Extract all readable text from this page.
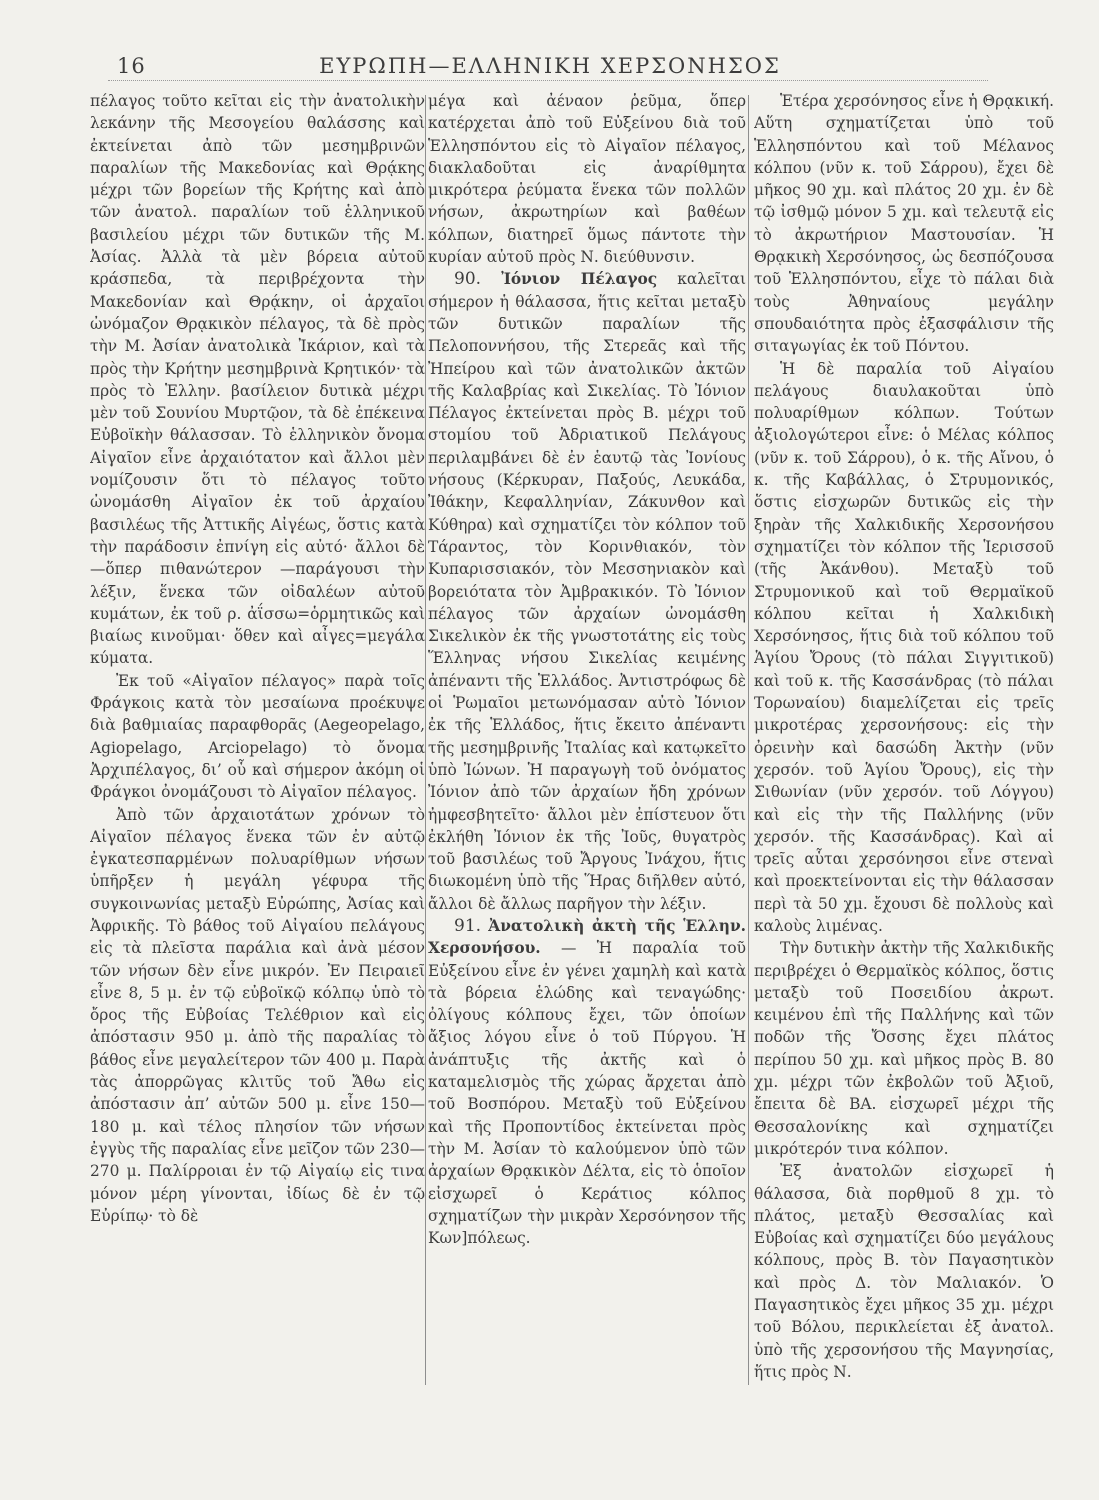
16	ΕΥΡΩΠΗ—ΕΛΛΗΝΙΚΗ ΧΕΡΣΟΝΗΣΟΣ

πέλαγος τοῦτο κεῖται εἰς τὴν ἀνατολικὴν λεκάνην τῆς Μεσογείου θαλάσσης καὶ ἐκτείνεται ἀπὸ τῶν μεσημβρινῶν παραλίων τῆς Μακεδονίας καὶ Θρᾴκης μέχρι τῶν βορείων τῆς Κρήτης καὶ ἀπὸ τῶν ἀνατολ. παραλίων τοῦ ἑλληνικοῦ βασιλείου μέχρι τῶν δυτικῶν τῆς Μ. Ἀσίας. Ἀλλὰ τὰ μὲν βόρεια αὐτοῦ κράσπεδα, τὰ περιβρέχοντα τὴν Μακεδονίαν καὶ Θρᾴκην, οἱ ἀρχαῖοι ὠνόμαζον Θρᾳκικὸν πέλαγος, τὰ δὲ πρὸς τὴν Μ. Ἀσίαν ἀνατολικὰ Ἰκάριον, καὶ τὰ πρὸς τὴν Κρήτην μεσημβρινὰ Κρητικόν· τὰ πρὸς τὸ Ἑλλην. βασίλειον δυτικὰ μέχρι μὲν τοῦ Σουνίου Μυρτῷον, τὰ δὲ ἐπέκεινα Εὐβοϊκὴν θάλασσαν. Τὸ ἑλληνικὸν ὄνομα Αἰγαῖον εἶνε ἀρχαιότατον καὶ ἄλλοι μὲν νομίζουσιν ὅτι τὸ πέλαγος τοῦτο ὠνομάσθη Αἰγαῖον ἐκ τοῦ ἀρχαίου βασιλέως τῆς Ἀττικῆς Αἰγέως, ὅστις κατὰ τὴν παράδοσιν ἐπνίγη εἰς αὐτό· ἄλλοι δὲ —ὅπερ πιθανώτερον —παράγουσι τὴν λέξιν, ἕνεκα τῶν οἰδαλέων αὐτοῦ κυμάτων, ἐκ τοῦ ρ. ἀΐσσω=ὁρμητικῶς καὶ βιαίως κινοῦμαι· ὅθεν καὶ αἶγες=μεγάλα κύματα.

Ἐκ τοῦ «Αἰγαῖον πέλαγος» παρὰ τοῖς Φράγκοις κατὰ τὸν μεσαίωνα προέκυψε διὰ βαθμιαίας παραφθορᾶς (Aegeopelago, Agiopelago, Arciopelago) τὸ ὄνομα Ἀρχιπέλαγος, δι’ οὗ καὶ σήμερον ἀκόμη οἱ Φράγκοι ὀνομάζουσι τὸ Αἰγαῖον πέλαγος.

Ἀπὸ τῶν ἀρχαιοτάτων χρόνων τὸ Αἰγαῖον πέλαγος ἕνεκα τῶν ἐν αὐτῷ ἐγκατεσπαρμένων πολυαρίθμων νήσων ὑπῆρξεν ἡ μεγάλη γέφυρα τῆς συγκοινωνίας μεταξὺ Εὐρώπης, Ἀσίας καὶ Ἀφρικῆς. Τὸ βάθος τοῦ Αἰγαίου πελάγους εἰς τὰ πλεῖστα παράλια καὶ ἀνὰ μέσον τῶν νήσων δὲν εἶνε μικρόν. Ἐν Πειραιεῖ εἶνε 8, 5 μ. ἐν τῷ εὐβοϊκῷ κόλπῳ ὑπὸ τὸ ὄρος τῆς Εὐβοίας Τελέθριον καὶ εἰς ἀπόστασιν 950 μ. ἀπὸ τῆς παραλίας τὸ βάθος εἶνε μεγαλείτερον τῶν 400 μ. Παρὰ τὰς ἀπορρῶγας κλιτῦς τοῦ Ἄθω εἰς ἀπόστασιν ἀπ’ αὐτῶν 500 μ. εἶνε 150—180 μ. καὶ τέλος πλησίον τῶν νήσων ἐγγὺς τῆς παραλίας εἶνε μεῖζον τῶν 230—270 μ. Παλίρροιαι ἐν τῷ Αἰγαίῳ εἰς τινα μόνον μέρη γίνονται, ἰδίως δὲ ἐν τῷ Εὐρίπῳ· τὸ δὲ

μέγα καὶ ἀέναον ῥεῦμα, ὅπερ κατέρχεται ἀπὸ τοῦ Εὐξείνου διὰ τοῦ Ἑλλησπόντου εἰς τὸ Αἰγαῖον πέλαγος, διακλαδοῦται εἰς ἀναρίθμητα μικρότερα ῥεύματα ἕνεκα τῶν πολλῶν νήσων, ἀκρωτηρίων καὶ βαθέων κόλπων, διατηρεῖ ὅμως πάντοτε τὴν κυρίαν αὐτοῦ πρὸς Ν. διεύθυνσιν.

90. Ἰόνιον Πέλαγος καλεῖται σήμερον ἡ θάλασσα, ἥτις κεῖται μεταξὺ τῶν δυτικῶν παραλίων τῆς Πελοποννήσου, τῆς Στερεᾶς καὶ τῆς Ἠπείρου καὶ τῶν ἀνατολικῶν ἀκτῶν τῆς Καλαβρίας καὶ Σικελίας. Τὸ Ἰόνιον Πέλαγος ἐκτείνεται πρὸς Β. μέχρι τοῦ στομίου τοῦ Ἀδριατικοῦ Πελάγους περιλαμβάνει δὲ ἐν ἑαυτῷ τὰς Ἰονίους νήσους (Κέρκυραν, Παξούς, Λευκάδα, Ἰθάκην, Κεφαλληνίαν, Ζάκυνθον καὶ Κύθηρα) καὶ σχηματίζει τὸν κόλπον τοῦ Τάραντος, τὸν Κορινθιακόν, τὸν Κυπαρισσιακόν, τὸν Μεσσηνιακὸν καὶ βορειότατα τὸν Ἀμβρακικόν. Τὸ Ἰόνιον πέλαγος τῶν ἀρχαίων ὠνομάσθη Σικελικὸν ἐκ τῆς γνωστοτάτης εἰς τοὺς Ἕλληνας νήσου Σικελίας κειμένης ἀπέναντι τῆς Ἑλλάδος. Ἀντιστρόφως δὲ οἱ Ῥωμαῖοι μετωνόμασαν αὐτὸ Ἰόνιον ἐκ τῆς Ἑλλάδος, ἥτις ἔκειτο ἀπέναντι τῆς μεσημβρινῆς Ἰταλίας καὶ κατῳκεῖτο ὑπὸ Ἰώνων. Ἡ παραγωγὴ τοῦ ὀνόματος Ἰόνιον ἀπὸ τῶν ἀρχαίων ἤδη χρόνων ἠμφεσβητεῖτο· ἄλλοι μὲν ἐπίστευον ὅτι ἐκλήθη Ἰόνιον ἐκ τῆς Ἰοῦς, θυγατρὸς τοῦ βασιλέως τοῦ Ἄργους Ἰνάχου, ἥτις διωκομένη ὑπὸ τῆς Ἥρας διῆλθεν αὐτό, ἄλλοι δὲ ἄλλως παρῆγον τὴν λέξιν.

91. Ἀνατολικὴ ἀκτὴ τῆς Ἑλλην. Χερσονήσου. — Ἡ παραλία τοῦ Εὐξείνου εἶνε ἐν γένει χαμηλὴ καὶ κατὰ τὰ βόρεια ἑλώδης καὶ τεναγώδης· ὀλίγους κόλπους ἔχει, τῶν ὁποίων ἄξιος λόγου εἶνε ὁ τοῦ Πύργου. Ἡ ἀνάπτυξις τῆς ἀκτῆς καὶ ὁ καταμελισμὸς τῆς χώρας ἄρχεται ἀπὸ τοῦ Βοσπόρου. Μεταξὺ τοῦ Εὐξείνου καὶ τῆς Προποντίδος ἐκτείνεται πρὸς τὴν Μ. Ἀσίαν τὸ καλούμενον ὑπὸ τῶν ἀρχαίων Θρᾳκικὸν Δέλτα, εἰς τὸ ὁποῖον εἰσχωρεῖ ὁ Κεράτιος κόλπος σχηματίζων τὴν μικρὰν Χερσόνησον τῆς Κων]πόλεως.

Ἑτέρα χερσόνησος εἶνε ἡ Θρᾳκική. Αὕτη σχηματίζεται ὑπὸ τοῦ Ἑλλησπόντου καὶ τοῦ Μέλανος κόλπου (νῦν κ. τοῦ Σάρρου), ἔχει δὲ μῆκος 90 χμ. καὶ πλάτος 20 χμ. ἐν δὲ τῷ ἰσθμῷ μόνον 5 χμ. καὶ τελευτᾷ εἰς τὸ ἀκρωτήριον Μαστουσίαν. Ἡ Θρᾳκικὴ Χερσόνησος, ὡς δεσπόζουσα τοῦ Ἑλλησπόντου, εἶχε τὸ πάλαι διὰ τοὺς Ἀθηναίους μεγάλην σπουδαιότητα πρὸς ἐξασφάλισιν τῆς σιταγωγίας ἐκ τοῦ Πόντου.

Ἡ δὲ παραλία τοῦ Αἰγαίου πελάγους διαυλακοῦται ὑπὸ πολυαρίθμων κόλπων. Τούτων ἀξιολογώτεροι εἶνε: ὁ Μέλας κόλπος (νῦν κ. τοῦ Σάρρου), ὁ κ. τῆς Αἴνου, ὁ κ. τῆς Καβάλλας, ὁ Στρυμονικός, ὅστις εἰσχωρῶν δυτικῶς εἰς τὴν ξηρὰν τῆς Χαλκιδικῆς Χερσονήσου σχηματίζει τὸν κόλπον τῆς Ἱερισσοῦ (τῆς Ἀκάνθου). Μεταξὺ τοῦ Στρυμονικοῦ καὶ τοῦ Θερμαϊκοῦ κόλπου κεῖται ἡ Χαλκιδικὴ Χερσόνησος, ἥτις διὰ τοῦ κόλπου τοῦ Ἁγίου Ὄρους (τὸ πάλαι Σιγγιτικοῦ) καὶ τοῦ κ. τῆς Κασσάνδρας (τὸ πάλαι Τορωναίου) διαμελίζεται εἰς τρεῖς μικροτέρας χερσονήσους: εἰς τὴν ὀρεινὴν καὶ δασώδη Ἀκτὴν (νῦν χερσόν. τοῦ Ἁγίου Ὄρους), εἰς τὴν Σιθωνίαν (νῦν χερσόν. τοῦ Λόγγου) καὶ εἰς τὴν τῆς Παλλήνης (νῦν χερσόν. τῆς Κασσάνδρας). Καὶ αἱ τρεῖς αὗται χερσόνησοι εἶνε στεναὶ καὶ προεκτείνονται εἰς τὴν θάλασσαν περὶ τὰ 50 χμ. ἔχουσι δὲ πολλοὺς καὶ καλοὺς λιμένας.

Τὴν δυτικὴν ἀκτὴν τῆς Χαλκιδικῆς περιβρέχει ὁ Θερμαϊκὸς κόλπος, ὅστις μεταξὺ τοῦ Ποσειδίου ἀκρωτ. κειμένου ἐπὶ τῆς Παλλήνης καὶ τῶν ποδῶν τῆς Ὄσσης ἔχει πλάτος περίπου 50 χμ. καὶ μῆκος πρὸς Β. 80 χμ. μέχρι τῶν ἐκβολῶν τοῦ Ἀξιοῦ, ἔπειτα δὲ ΒΑ. εἰσχωρεῖ μέχρι τῆς Θεσσαλονίκης καὶ σχηματίζει μικρότερόν τινα κόλπον.

Ἐξ ἀνατολῶν εἰσχωρεῖ ἡ θάλασσα, διὰ πορθμοῦ 8 χμ. τὸ πλάτος, μεταξὺ Θεσσαλίας καὶ Εὐβοίας καὶ σχηματίζει δύο μεγάλους κόλπους, πρὸς Β. τὸν Παγασητικὸν καὶ πρὸς Δ. τὸν Μαλιακόν. Ὁ Παγασητικὸς ἔχει μῆκος 35 χμ. μέχρι τοῦ Βόλου, περικλείεται ἐξ ἀνατολ. ὑπὸ τῆς χερσονήσου τῆς Μαγνησίας, ἥτις πρὸς Ν.
